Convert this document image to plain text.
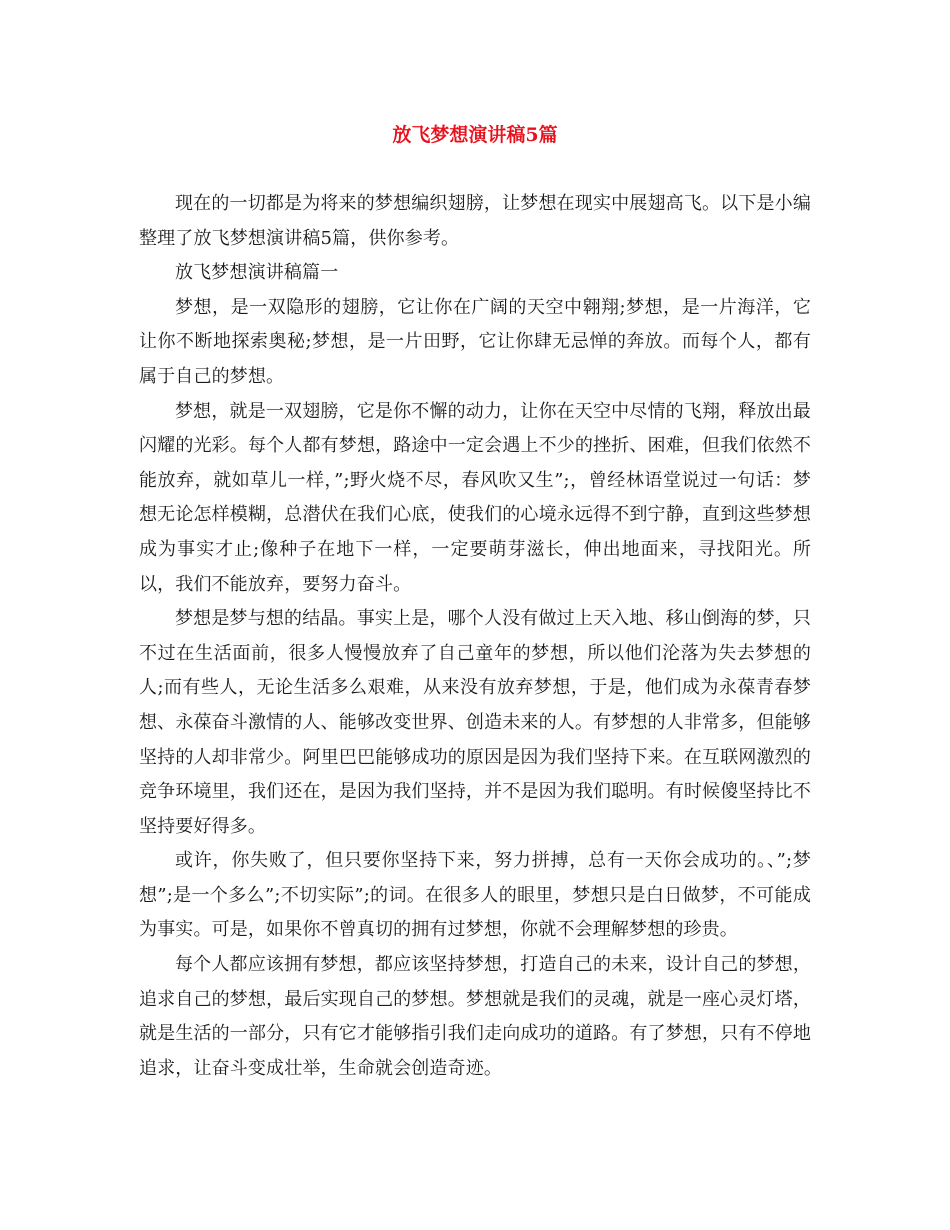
放飞梦想演讲稿5篇

现在的一切都是为将来的梦想编织翅膀，让梦想在现实中展翅高飞。以下是小编整理了放飞梦想演讲稿5篇，供你参考。

放飞梦想演讲稿篇一

梦想，是一双隐形的翅膀，它让你在广阔的天空中翱翔;梦想，是一片海洋，它让你不断地探索奥秘;梦想，是一片田野，它让你肆无忌惮的奔放。而每个人，都有属于自己的梦想。

梦想，就是一双翅膀，它是你不懈的动力，让你在天空中尽情的飞翔，释放出最闪耀的光彩。每个人都有梦想，路途中一定会遇上不少的挫折、困难，但我们依然不能放弃，就如草儿一样，”;野火烧不尽，春风吹又生”;，曾经林语堂说过一句话：梦想无论怎样模糊，总潜伏在我们心底，使我们的心境永远得不到宁静，直到这些梦想成为事实才止;像种子在地下一样，一定要萌芽滋长，伸出地面来，寻找阳光。所以，我们不能放弃，要努力奋斗。

梦想是梦与想的结晶。事实上是，哪个人没有做过上天入地、移山倒海的梦，只不过在生活面前，很多人慢慢放弃了自己童年的梦想，所以他们沦落为失去梦想的人;而有些人，无论生活多么艰难，从来没有放弃梦想，于是，他们成为永葆青春梦想、永葆奋斗激情的人、能够改变世界、创造未来的人。有梦想的人非常多，但能够坚持的人却非常少。阿里巴巴能够成功的原因是因为我们坚持下来。在互联网激烈的竞争环境里，我们还在，是因为我们坚持，并不是因为我们聪明。有时候傻坚持比不坚持要好得多。

或许，你失败了，但只要你坚持下来，努力拼搏，总有一天你会成功的。、”;梦想”;是一个多么”;不切实际”;的词。在很多人的眼里，梦想只是白日做梦，不可能成为事实。可是，如果你不曾真切的拥有过梦想，你就不会理解梦想的珍贵。

每个人都应该拥有梦想，都应该坚持梦想，打造自己的未来，设计自己的梦想，追求自己的梦想，最后实现自己的梦想。梦想就是我们的灵魂，就是一座心灵灯塔，就是生活的一部分，只有它才能够指引我们走向成功的道路。有了梦想，只有不停地追求，让奋斗变成壮举，生命就会创造奇迹。
